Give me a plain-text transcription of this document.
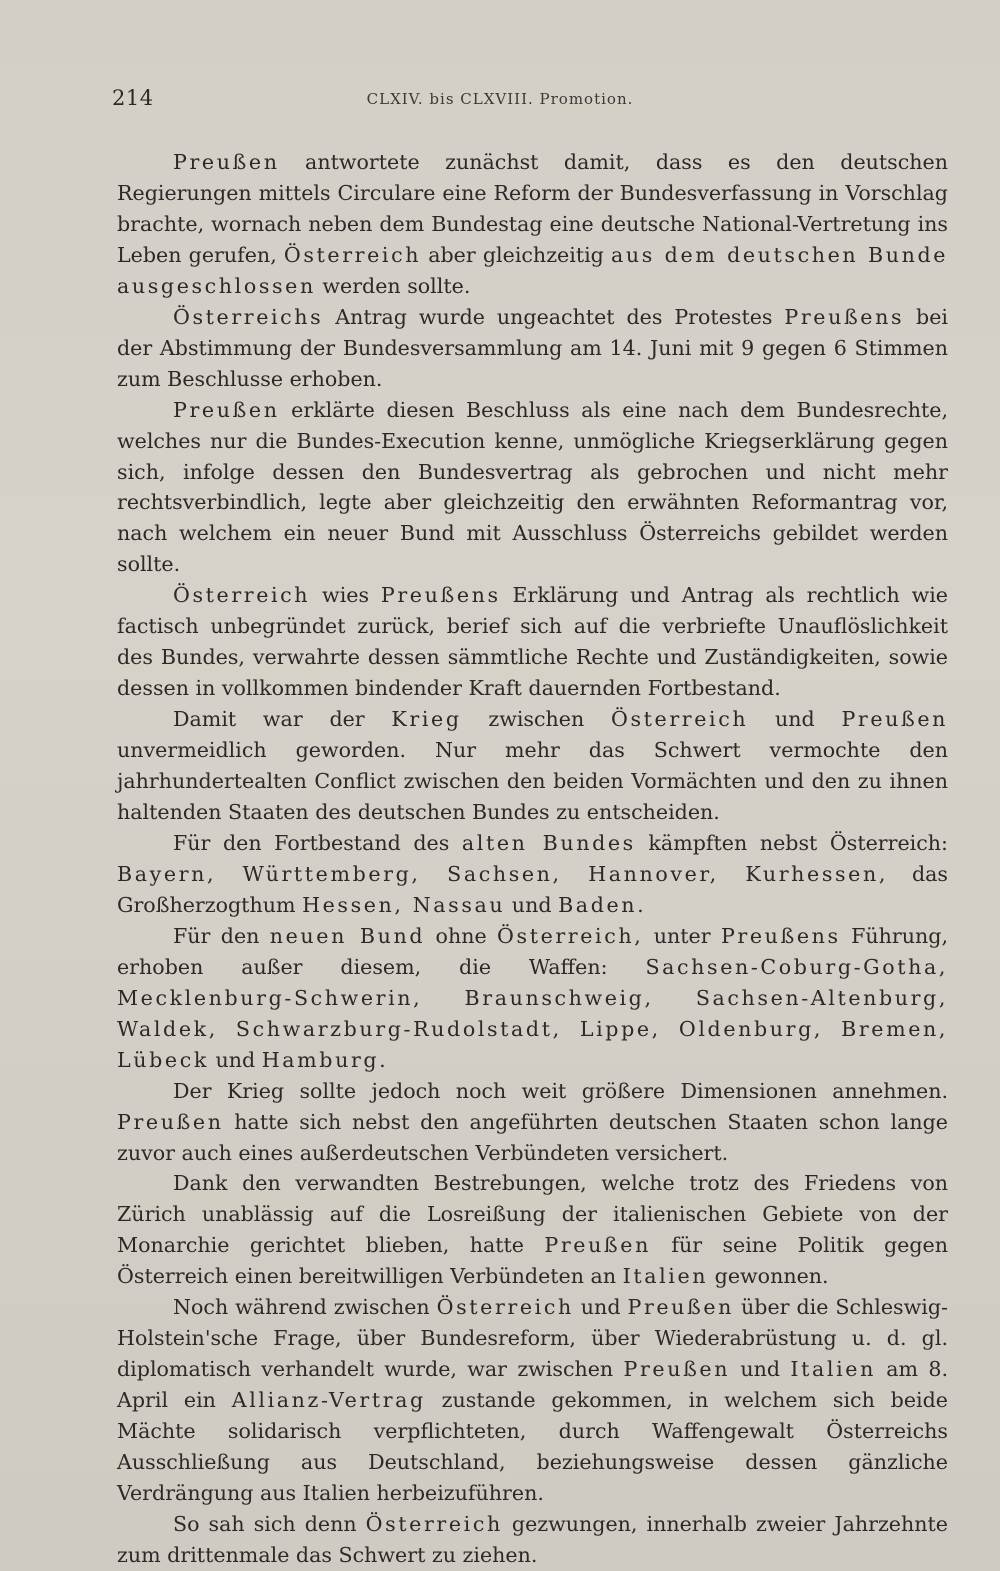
214	CLXIV. bis CLXVIII. Promotion.

Preußen antwortete zunächst damit, dass es den deutschen Regierungen mittels Circulare eine Reform der Bundesverfassung in Vorschlag brachte, wornach neben dem Bundestag eine deutsche National-Vertretung ins Leben gerufen, Österreich aber gleichzeitig aus dem deutschen Bunde ausgeschlossen werden sollte.

Österreichs Antrag wurde ungeachtet des Protestes Preußens bei der Abstimmung der Bundesversammlung am 14. Juni mit 9 gegen 6 Stimmen zum Beschlusse erhoben.

Preußen erklärte diesen Beschluss als eine nach dem Bundesrechte, welches nur die Bundes-Execution kenne, unmögliche Kriegserklärung gegen sich, infolge dessen den Bundesvertrag als gebrochen und nicht mehr rechtsverbindlich, legte aber gleichzeitig den erwähnten Reformantrag vor, nach welchem ein neuer Bund mit Ausschluss Österreichs gebildet werden sollte.

Österreich wies Preußens Erklärung und Antrag als rechtlich wie factisch unbegründet zurück, berief sich auf die verbriefte Unauflöslichkeit des Bundes, verwahrte dessen sämmtliche Rechte und Zuständigkeiten, sowie dessen in vollkommen bindender Kraft dauernden Fortbestand.

Damit war der Krieg zwischen Österreich und Preußen unvermeidlich geworden. Nur mehr das Schwert vermochte den jahrhundertealten Conflict zwischen den beiden Vormächten und den zu ihnen haltenden Staaten des deutschen Bundes zu entscheiden.

Für den Fortbestand des alten Bundes kämpften nebst Österreich: Bayern, Württemberg, Sachsen, Hannover, Kurhessen, das Großherzogthum Hessen, Nassau und Baden.

Für den neuen Bund ohne Österreich, unter Preußens Führung, erhoben außer diesem, die Waffen: Sachsen-Coburg-Gotha, Mecklenburg-Schwerin, Braunschweig, Sachsen-Altenburg, Waldek, Schwarzburg-Rudolstadt, Lippe, Oldenburg, Bremen, Lübeck und Hamburg.

Der Krieg sollte jedoch noch weit größere Dimensionen annehmen. Preußen hatte sich nebst den angeführten deutschen Staaten schon lange zuvor auch eines außerdeutschen Verbündeten versichert.

Dank den verwandten Bestrebungen, welche trotz des Friedens von Zürich unablässig auf die Losreißung der italienischen Gebiete von der Monarchie gerichtet blieben, hatte Preußen für seine Politik gegen Österreich einen bereitwilligen Verbündeten an Italien gewonnen.

Noch während zwischen Österreich und Preußen über die Schleswig-Holstein'sche Frage, über Bundesreform, über Wiederabrüstung u. d. gl. diplomatisch verhandelt wurde, war zwischen Preußen und Italien am 8. April ein Allianz-Vertrag zustande gekommen, in welchem sich beide Mächte solidarisch verpflichteten, durch Waffengewalt Österreichs Ausschließung aus Deutschland, beziehungsweise dessen gänzliche Verdrängung aus Italien herbeizuführen.

So sah sich denn Österreich gezwungen, innerhalb zweier Jahrzehnte zum drittenmale das Schwert zu ziehen.
